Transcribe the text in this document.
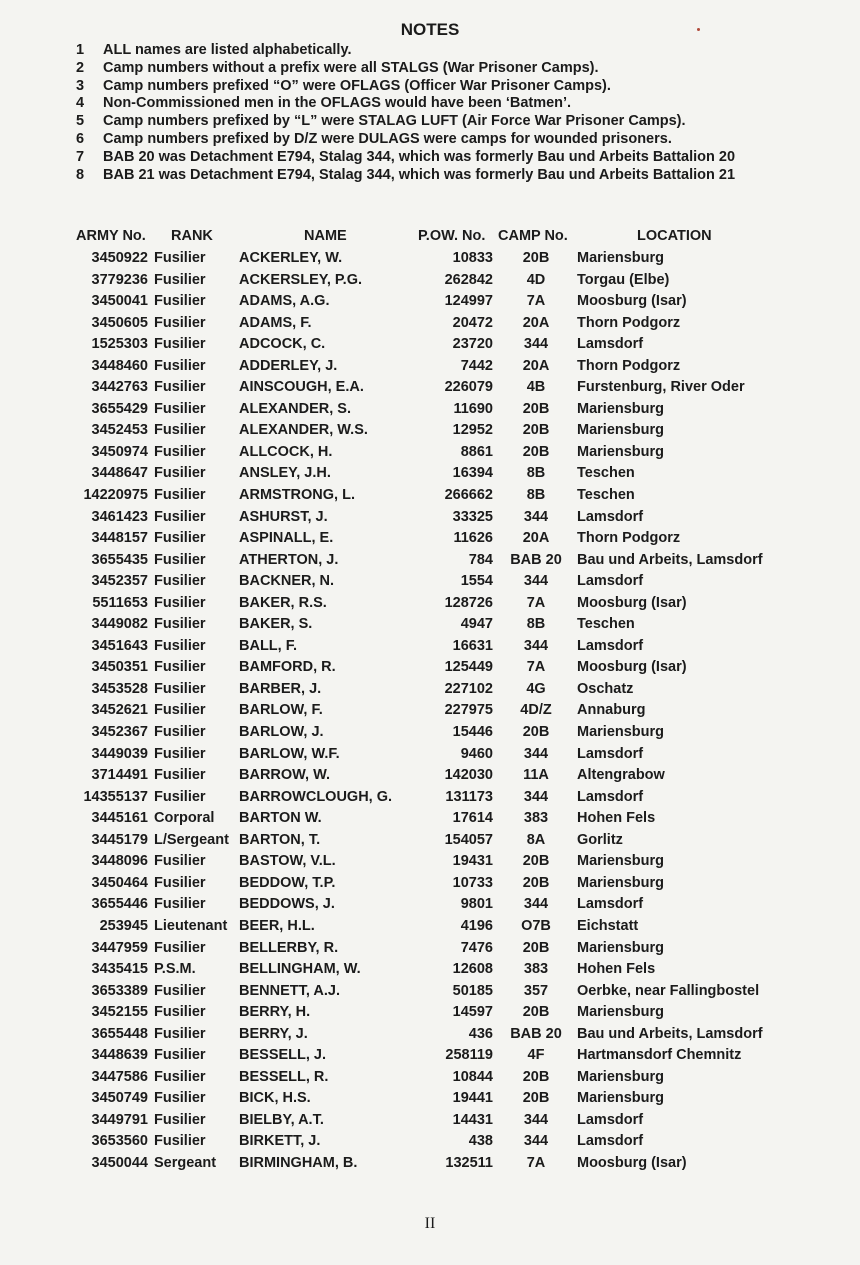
NOTES
1	ALL names are listed alphabetically.
2	Camp numbers without a prefix were all STALGS (War Prisoner Camps).
3	Camp numbers prefixed “O” were OFLAGS (Officer War Prisoner Camps).
4	Non-Commissioned men in the OFLAGS would have been ‘Batmen’.
5	Camp numbers prefixed by “L” were STALAG LUFT (Air Force War Prisoner Camps).
6	Camp numbers prefixed by D/Z were DULAGS were camps for wounded prisoners.
7	BAB 20 was Detachment E794, Stalag 344, which was formerly Bau und Arbeits Battalion 20
8	BAB 21 was Detachment E794, Stalag 344, which was formerly Bau und Arbeits Battalion 21
ARMY No. RANK	NAME	P.OW. No. CAMP No.	LOCATION
3450922 Fusilier ACKERLEY, W.	10833	20B	Mariensburg
3779236 Fusilier ACKERSLEY, P.G.	262842	4D	Torgau (Elbe)
3450041 Fusilier ADAMS, A.G.	124997	7A	Moosburg (Isar)
3450605 Fusilier ADAMS, F.	20472	20A	Thorn Podgorz
1525303 Fusilier ADCOCK, C.	23720	344	Lamsdorf
3448460 Fusilier ADDERLEY, J.	7442	20A	Thorn Podgorz
3442763 Fusilier AINSCOUGH, E.A.	226079	4B	Furstenburg, River Oder
3655429 Fusilier ALEXANDER, S.	11690	20B	Mariensburg
3452453 Fusilier ALEXANDER, W.S.	12952	20B	Mariensburg
3450974 Fusilier ALLCOCK, H.	8861	20B	Mariensburg
3448647 Fusilier ANSLEY, J.H.	16394	8B	Teschen
14220975 Fusilier ARMSTRONG, L.	266662	8B	Teschen
3461423 Fusilier ASHURST, J.	33325	344	Lamsdorf
3448157 Fusilier ASPINALL, E.	11626	20A	Thorn Podgorz
3655435 Fusilier ATHERTON, J.	784	BAB 20	Bau und Arbeits, Lamsdorf
3452357 Fusilier BACKNER, N.	1554	344	Lamsdorf
5511653 Fusilier BAKER, R.S.	128726	7A	Moosburg (Isar)
3449082 Fusilier BAKER, S.	4947	8B	Teschen
3451643 Fusilier BALL, F.	16631	344	Lamsdorf
3450351 Fusilier BAMFORD, R.	125449	7A	Moosburg (Isar)
3453528 Fusilier BARBER, J.	227102	4G	Oschatz
3452621 Fusilier BARLOW, F.	227975	4D/Z	Annaburg
3452367 Fusilier BARLOW, J.	15446	20B	Mariensburg
3449039 Fusilier BARLOW, W.F.	9460	344	Lamsdorf
3714491 Fusilier BARROW, W.	142030	11A	Altengrabow
14355137 Fusilier BARROWCLOUGH, G.	131173	344	Lamsdorf
3445161 Corporal BARTON W.	17614	383	Hohen Fels
3445179 L/Sergeant BARTON, T.	154057	8A	Gorlitz
3448096 Fusilier BASTOW, V.L.	19431	20B	Mariensburg
3450464 Fusilier BEDDOW, T.P.	10733	20B	Mariensburg
3655446 Fusilier BEDDOWS, J.	9801	344	Lamsdorf
253945 Lieutenant BEER, H.L.	4196	O7B	Eichstatt
3447959 Fusilier BELLERBY, R.	7476	20B	Mariensburg
3435415 P.S.M.	BELLINGHAM, W.	12608	383	Hohen Fels
3653389 Fusilier BENNETT, A.J.	50185	357	Oerbke, near Fallingbostel
3452155 Fusilier BERRY, H.	14597	20B	Mariensburg
3655448 Fusilier BERRY, J.	436	BAB 20	Bau und Arbeits, Lamsdorf
3448639 Fusilier BESSELL, J.	258119	4F	Hartmansdorf Chemnitz
3447586 Fusilier BESSELL, R.	10844	20B	Mariensburg
3450749 Fusilier BICK, H.S.	19441	20B	Mariensburg
3449791 Fusilier BIELBY, A.T.	14431	344	Lamsdorf
3653560 Fusilier BIRKETT, J.	438	344	Lamsdorf
3450044 Sergeant BIRMINGHAM, B.	132511	7A	Moosburg (Isar)
II
